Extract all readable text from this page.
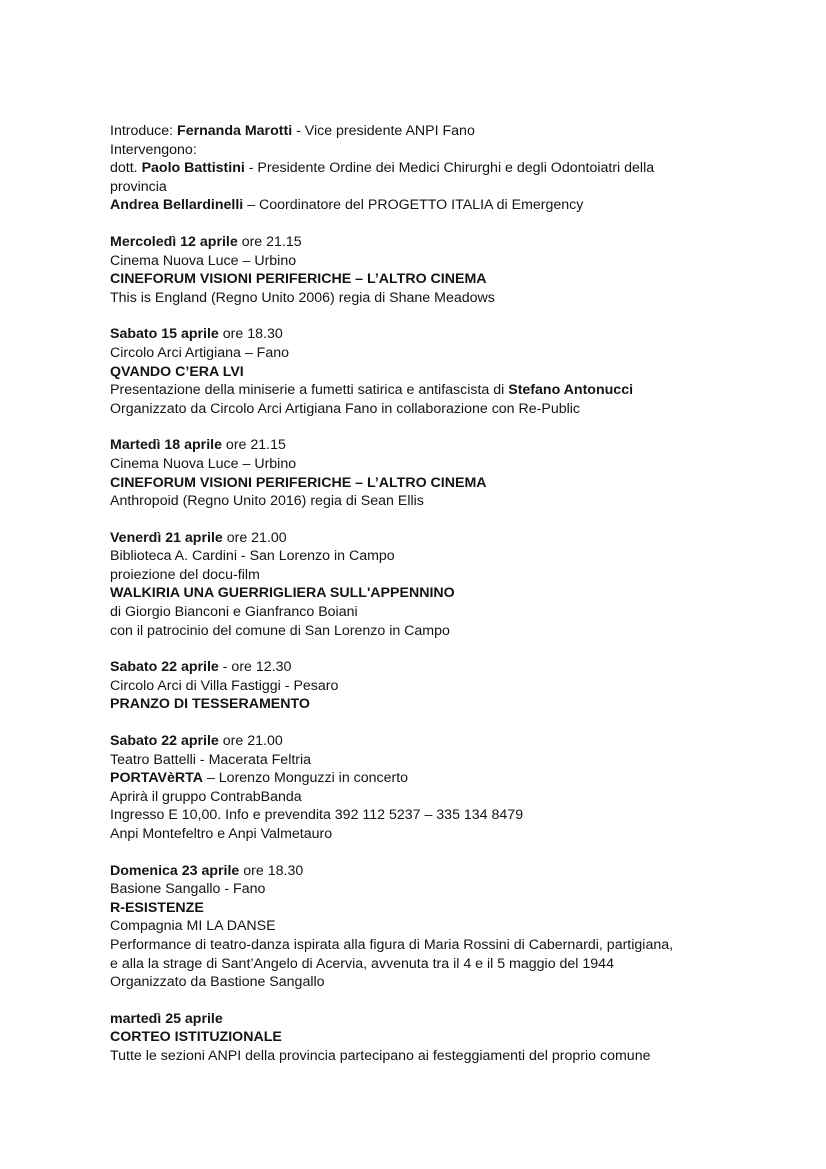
Introduce: Fernanda Marotti - Vice presidente ANPI Fano
Intervengono:
dott. Paolo Battistini - Presidente Ordine dei Medici Chirurghi e degli Odontoiatri della
provincia
Andrea Bellardinelli – Coordinatore del PROGETTO ITALIA di Emergency
Mercoledì 12 aprile ore 21.15
Cinema Nuova Luce – Urbino
CINEFORUM VISIONI PERIFERICHE – L’ALTRO CINEMA
This is England (Regno Unito 2006) regia di Shane Meadows
Sabato 15 aprile ore 18.30
Circolo Arci Artigiana – Fano
QVANDO C’ERA LVI
Presentazione della miniserie a fumetti satirica e antifascista di Stefano Antonucci
Organizzato da Circolo Arci Artigiana Fano in collaborazione con Re-Public
Martedì 18 aprile ore 21.15
Cinema Nuova Luce – Urbino
CINEFORUM VISIONI PERIFERICHE – L’ALTRO CINEMA
Anthropoid (Regno Unito 2016) regia di Sean Ellis
Venerdì 21 aprile ore 21.00
Biblioteca A. Cardini - San Lorenzo in Campo
proiezione del docu-film
WALKIRIA UNA GUERRIGLIERA SULL'APPENNINO
di Giorgio Bianconi e Gianfranco Boiani
con il patrocinio del comune di San Lorenzo in Campo
Sabato 22 aprile - ore 12.30
Circolo Arci di Villa Fastiggi - Pesaro
PRANZO DI TESSERAMENTO
Sabato 22 aprile ore 21.00
Teatro Battelli - Macerata Feltria
PORTAVèRTA – Lorenzo Monguzzi in concerto
Aprirà il gruppo ContrabBanda
Ingresso E 10,00. Info e prevendita 392 112 5237 – 335 134 8479
Anpi Montefeltro e Anpi Valmetauro
Domenica 23 aprile ore 18.30
Basione Sangallo - Fano
R-ESISTENZE
Compagnia MI LA DANSE
Performance di teatro-danza ispirata alla figura di Maria Rossini di Cabernardi, partigiana,
e alla la strage di Sant’Angelo di Acervia, avvenuta tra il 4 e il 5 maggio del 1944
Organizzato da Bastione Sangallo
martedì 25 aprile
CORTEO ISTITUZIONALE
Tutte le sezioni ANPI della provincia partecipano ai festeggiamenti del proprio comune
